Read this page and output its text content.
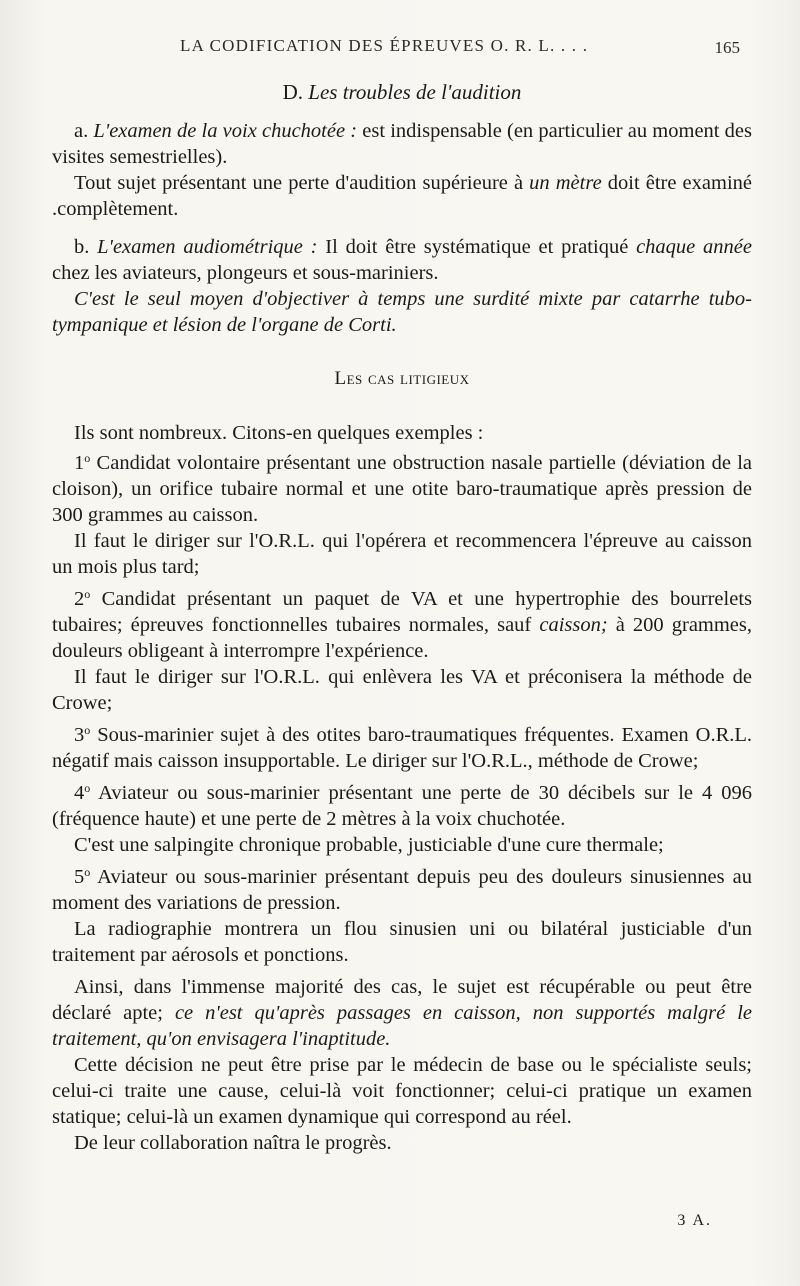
LA CODIFICATION DES ÉPREUVES O. R. L. . . .	165
D. Les troubles de l'audition

a. L'examen de la voix chuchotée : est indispensable (en particulier au moment des visites semestrielles).

Tout sujet présentant une perte d'audition supérieure à un mètre doit être examiné .complètement.

b. L'examen audiométrique : Il doit être systématique et pratiqué chaque année chez les aviateurs, plongeurs et sous-mariniers.

C'est le seul moyen d'objectiver à temps une surdité mixte par catarrhe tubo-tympanique et lésion de l'organe de Corti.

Les cas litigieux

Ils sont nombreux. Citons-en quelques exemples :

1$^o$ Candidat volontaire présentant une obstruction nasale partielle (déviation de la cloison), un orifice tubaire normal et une otite baro-traumatique après pression de 300 grammes au caisson.

Il faut le diriger sur l'O.R.L. qui l'opérera et recommencera l'épreuve au caisson un mois plus tard;

2$^o$ Candidat présentant un paquet de VA et une hypertrophie des bourrelets tubaires; épreuves fonctionnelles tubaires normales, sauf caisson; à 200 grammes, douleurs obligeant à interrompre l'expérience.

Il faut le diriger sur l'O.R.L. qui enlèvera les VA et préconisera la méthode de Crowe;

3$^o$ Sous-marinier sujet à des otites baro-traumatiques fréquentes. Examen O.R.L. négatif mais caisson insupportable. Le diriger sur l'O.R.L., méthode de Crowe;

4$^o$ Aviateur ou sous-marinier présentant une perte de 30 décibels sur le 4 096 (fréquence haute) et une perte de 2 mètres à la voix chuchotée.

C'est une salpingite chronique probable, justiciable d'une cure thermale;

5$^o$ Aviateur ou sous-marinier présentant depuis peu des douleurs sinusiennes au moment des variations de pression.

La radiographie montrera un flou sinusien uni ou bilatéral justiciable d'un traitement par aérosols et ponctions.

Ainsi, dans l'immense majorité des cas, le sujet est récupérable ou peut être déclaré apte; ce n'est qu'après passages en caisson, non supportés malgré le traitement, qu'on envisagera l'inaptitude.

Cette décision ne peut être prise par le médecin de base ou le spécialiste seuls; celui-ci traite une cause, celui-là voit fonctionner; celui-ci pratique un examen statique; celui-là un examen dynamique qui correspond au réel.

De leur collaboration naîtra le progrès.

3 A.
